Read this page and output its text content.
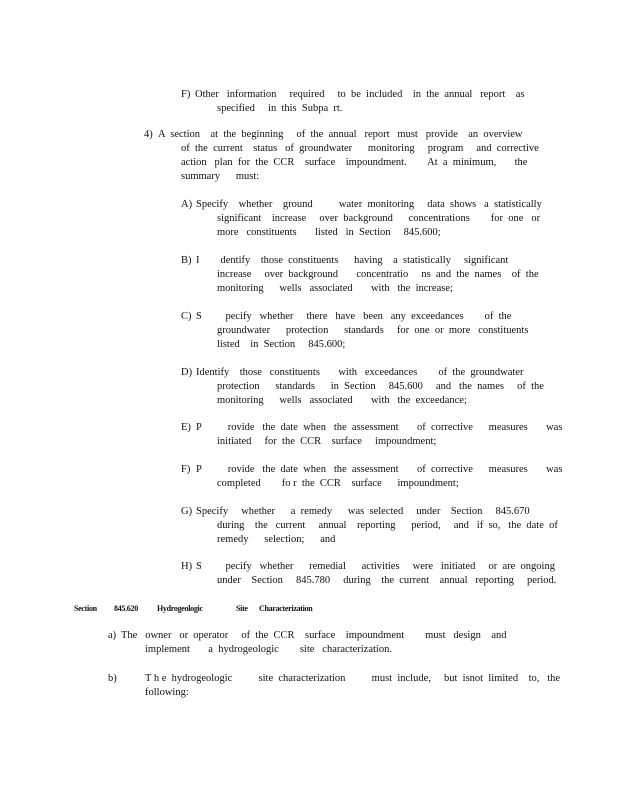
F)

Other   information     required     to  be  included    in  the  annual   report    as

specified     in  this  Subpa  rt.

4)

A  section    at  the  beginning     of  the  annual   report   must   provide    an  overview

of  the  current    status   of  groundwater      monitoring     program     and  corrective

action   plan  for  the  CCR    surface    impoundment.        At  a  minimum,       the

summary      must:

A)

Specify    whether    ground          water  monitoring     data  shows   a  statistically

significant    increase     over  background      concentrations        for  one   or

more   constituents       listed   in  Section     845.600;

B)

I        dentify    those  constituents      having    a  statistically     significant

increase     over  background       concentratio     ns  and  the  names    of  the

monitoring      wells   associated       with   the  increase;

C)

S         pecify   whether     there   have   been   any  exceedances        of  the

groundwater      protection      standards     for  one  or  more   constituents

listed    in  Section     845.600;

D)

Identify    those   constituents       with   exceedances        of  the  groundwater

protection      standards      in  Section     845.600     and   the  names     of  the

monitoring      wells   associated       with   the  exceedance;

E)

P          rovide   the  date  when   the  assessment       of  corrective      measures       was

initiated     for  the  CCR    surface     impoundment;

F)

P          rovide   the  date  when   the  assessment       of  corrective      measures       was

completed        fo r  the  CCR    surface      impoundment;

G)

Specify     whether      a  remedy      was  selected     under    Section     845.670

during    the   current     annual    reporting      period,     and   if  so,   the  date  of

remedy      selection;      and

H)

S         pecify   whether      remedial      activities     were   initiated     or  are  ongoing

under    Section     845.780     during    the  current    annual   reporting     period.

Section

845.620

Hydrogeologic

	Site

Characterization

a)

The   owner   or  operator     of  the  CCR    surface    impoundment        must   design    and

implement       a  hydrogeologic        site   characterization.

b)

	T h e  hydrogeologic          site  characterization          must  include,     but  isnot  limited    to,   the

following:
